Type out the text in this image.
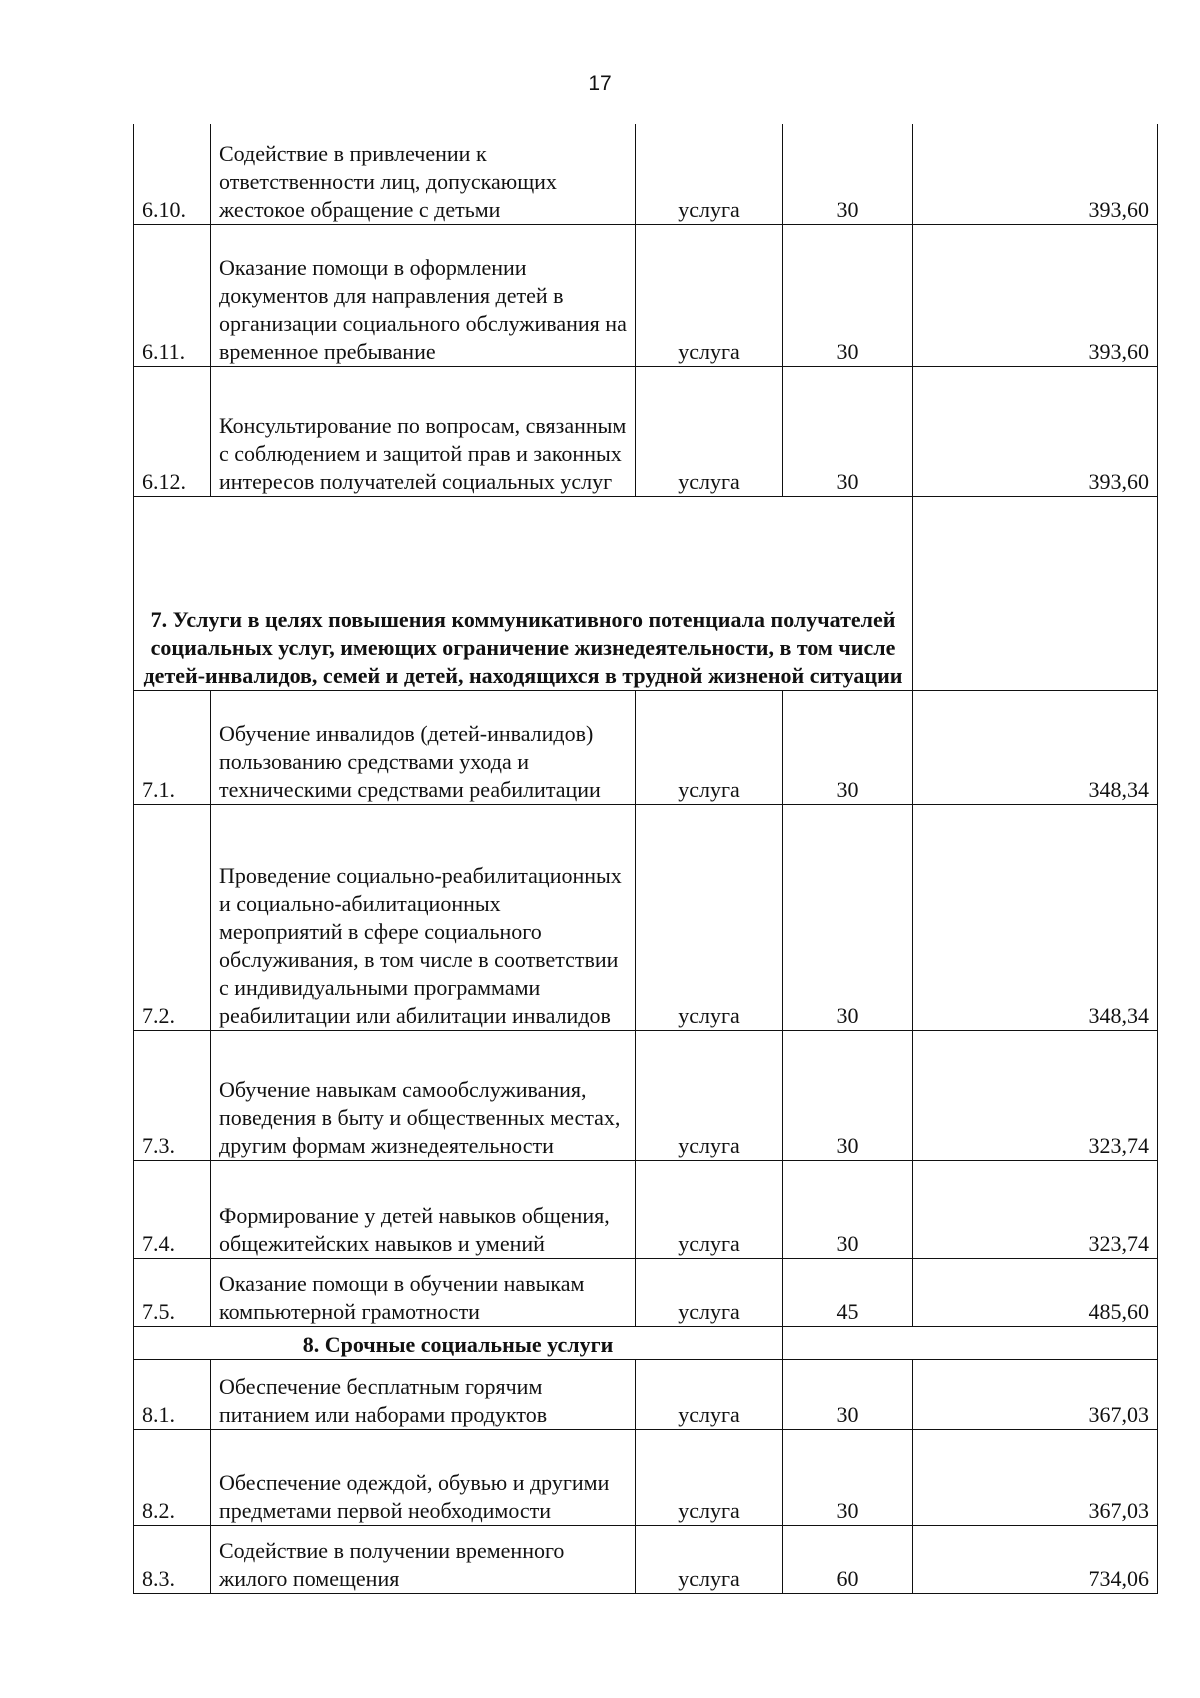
17
6.10.	Содействие в привлечении к ответственности лиц, допускающих жестокое обращение с детьми	услуга	30	393,60
6.11.	Оказание помощи в оформлении документов для направления детей в организации социального обслуживания на временное пребывание	услуга	30	393,60
6.12.	Консультирование по вопросам, связанным с соблюдением и защитой прав и законных интересов получателей социальных услуг	услуга	30	393,60
7. Услуги в целях повышения коммуникативного потенциала получателей социальных услуг, имеющих ограничение жизнедеятельности, в том числе детей-инвалидов, семей и детей, находящихся в трудной жизненой ситуации				
7.1.	Обучение инвалидов (детей-инвалидов) пользованию средствами ухода и техническими средствами реабилитации	услуга	30	348,34
7.2.	Проведение социально-реабилитационных и социально-абилитационных мероприятий в сфере социального обслуживания, в том числе в соответствии с индивидуальными программами реабилитации или абилитации инвалидов	услуга	30	348,34
7.3.	Обучение навыкам самообслуживания, поведения в быту и общественных местах, другим формам жизнедеятельности	услуга	30	323,74
7.4.	Формирование у детей навыков общения, общежитейских навыков и умений	услуга	30	323,74
7.5.	Оказание помощи в обучении навыкам компьютерной грамотности	услуга	45	485,60
8. Срочные социальные услуги				
8.1.	Обеспечение бесплатным горячим питанием или наборами продуктов	услуга	30	367,03
8.2.	Обеспечение одеждой, обувью и другими предметами первой необходимости	услуга	30	367,03
8.3.	Содействие в получении временного жилого помещения	услуга	60	734,06
